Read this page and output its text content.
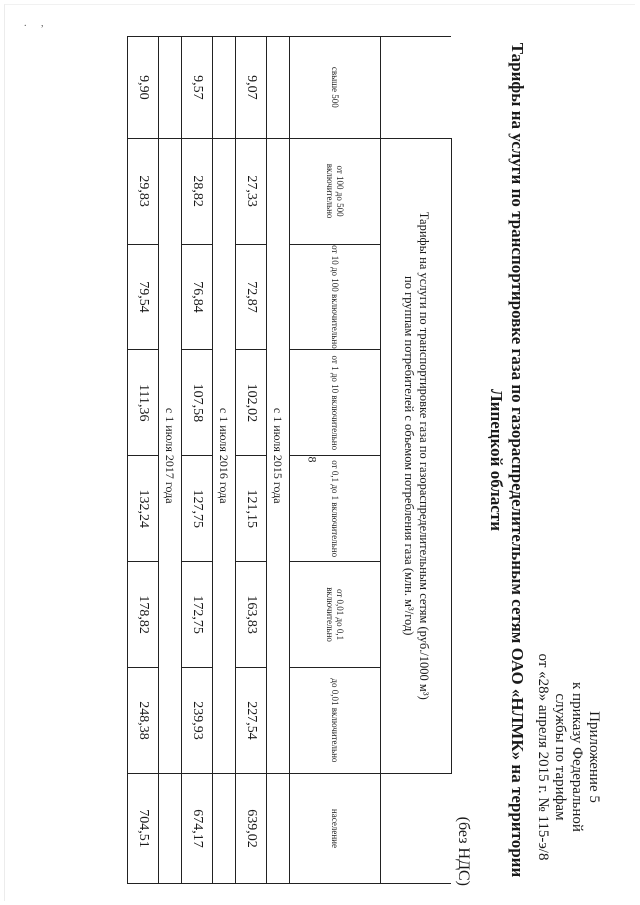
. ,
Приложение 5
к приказу Федеральной
службы по тарифам
от «28» апреля 2015 г. № 115-э/8
Тарифы на услуги по транспортировке газа по газораспределительным сетям ОАО «НЛМК» на территории
Липецкой области
(без НДС)

	Тарифы на услуги по транспортировке газа по газораспределительным сетям (руб./1000 м³)
по группам потребителей с объемом потребления газа (млн. м³/год)						

свыше 500	от 100 до 500 включительно	от 10 до 100 включительно	от 1 до 10 включительно	от 0,1 до 1 включительно	от 0,01 до 0,1 включительно	до 0,01 включительно	население
	с 1 июля 2015 года						
9,07	27,33	72,87	102,02	121,15	163,83	227,54	639,02
	с 1 июля 2016 года						
9,57	28,82	76,84	107,58	127,75	172,75	239,93	674,17
	с 1 июля 2017 года						
9,90	29,83	79,54	111,36	132,24	178,82	248,38	704,51
8
